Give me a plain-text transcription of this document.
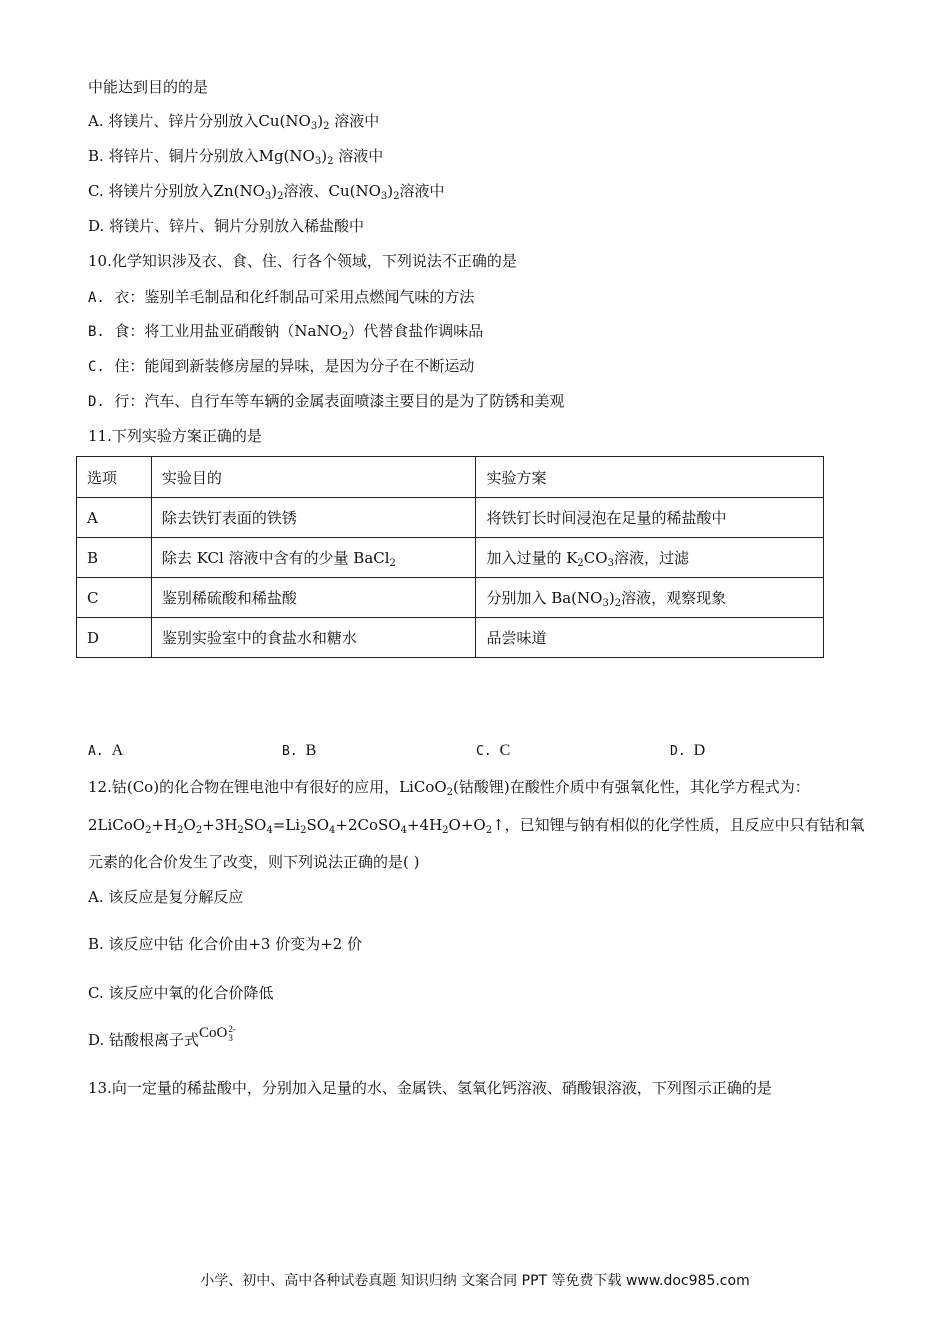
中能达到目的的是
A. 将镁片、锌片分别放入$Cu(NO_3)_2$ 溶液中
B. 将锌片、铜片分别放入$Mg(NO_3)_2$ 溶液中
C. 将镁片分别放入$Zn(NO_3)_2$溶液、$Cu(NO_3)_2$溶液中
D. 将镁片、锌片、铜片分别放入稀盐酸中
10.化学知识涉及衣、食、住、行各个领域，下列说法不正确的是
A. 衣：鉴别羊毛制品和化纤制品可采用点燃闻气味的方法
B. 食：将工业用盐亚硝酸钠（NaNO$_2$）代替食盐作调味品
C. 住：能闻到新装修房屋的异味，是因为分子在不断运动
D. 行：汽车、自行车等车辆的金属表面喷漆主要目的是为了防锈和美观
11.下列实验方案正确的是
选项	实验目的	实验方案
A	除去铁钉表面的铁锈	将铁钉长时间浸泡在足量的稀盐酸中
B	除去 KCl 溶液中含有的少量 BaCl$_2$	加入过量的 $K_2CO_3$溶液，过滤
C	鉴别稀硫酸和稀盐酸	分别加入 $Ba(NO_3)_2$溶液，观察现象
D	鉴别实验室中的食盐水和糖水	品尝味道
A. A	B. B	C. C	D. D
12.钴(Co)的化合物在锂电池中有很好的应用，LiCoO$_2$(钴酸锂)在酸性介质中有强氧化性，其化学方程式为：
$2LiCoO_2+H_2O_2+3H_2SO_4=Li_2SO_4+2CoSO_4+4H_2O+O_2↑$，已知锂与钠有相似的化学性质，且反应中只有钴和氧
元素的化合价发生了改变，则下列说法正确的是( )
A. 该反应是复分解反应
B. 该反应中钴 化合价由+3 价变为+2 价
C. 该反应中氧的化合价降低
D. 钴酸根离子式CoO 2-
3
13.向一定量的稀盐酸中，分别加入足量的水、金属铁、氢氧化钙溶液、硝酸银溶液，下列图示正确的是
小学、初中、高中各种试卷真题 知识归纳 文案合同 PPT 等免费下载 www.doc985.com
